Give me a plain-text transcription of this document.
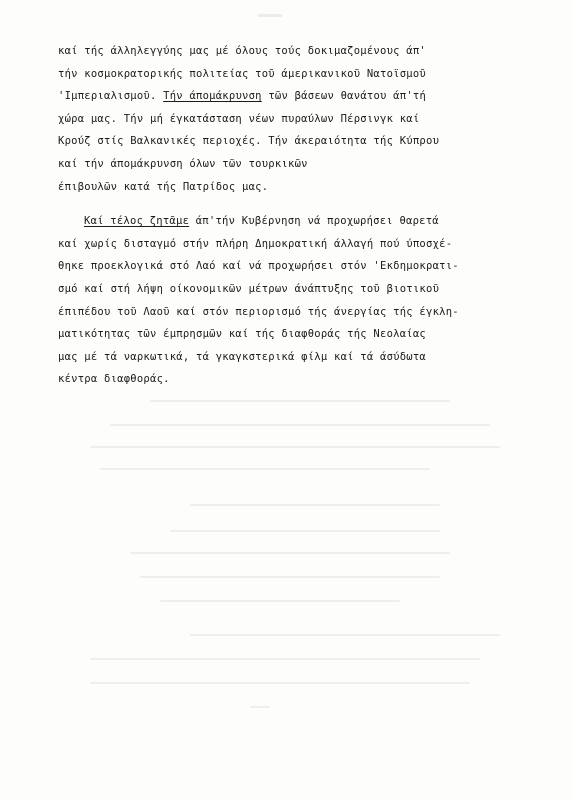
καί τής άλληλεγγύης μας μέ όλους τούς δοκιμαζομένους άπ'
τήν κοσμοκρατορικής πολιτείας τοῦ άμερικανικοῦ Νατοϊσμοῦ
'Ιμπεριαλισμοῦ. Τήν άπομάκρυνση τῶν βάσεων θανάτου άπ'τή
χώρα μας. Τήν μή έγκατάσταση νέων πυραύλων Πέρσινγκ καί
Κρούζ στίς Βαλκανικές περιοχές. Τήν άκεραιότητα τής Κύπρου
καί τήν άπομάκρυνση όλων τῶν τουρκικῶν
έπιβουλῶν κατά τής Πατρίδος μας.
Καί τέλος ζητᾶμε άπ'τήν Κυβέρνηση νά προχωρήσει θαρετά
καί χωρίς δισταγμό στήν πλήρη Δημοκρατική άλλαγή πού ύποσχέ-
θηκε προεκλογικά στό Λαό καί νά προχωρήσει στόν 'Εκδημοκρατι-
σμό καί στή λήψη οίκονομικῶν μέτρων άνάπτυξης τοῦ βιοτικοῦ
έπιπέδου τοῦ Λαοῦ καί στόν περιορισμό τής άνεργίας τής έγκλη-
ματικότητας τῶν έμπρησμῶν καί τής διαφθοράς τής Νεολαίας
μας μέ τά ναρκωτικά, τά γκαγκστερικά φίλμ καί τά άσύδωτα
κέντρα διαφθοράς.
